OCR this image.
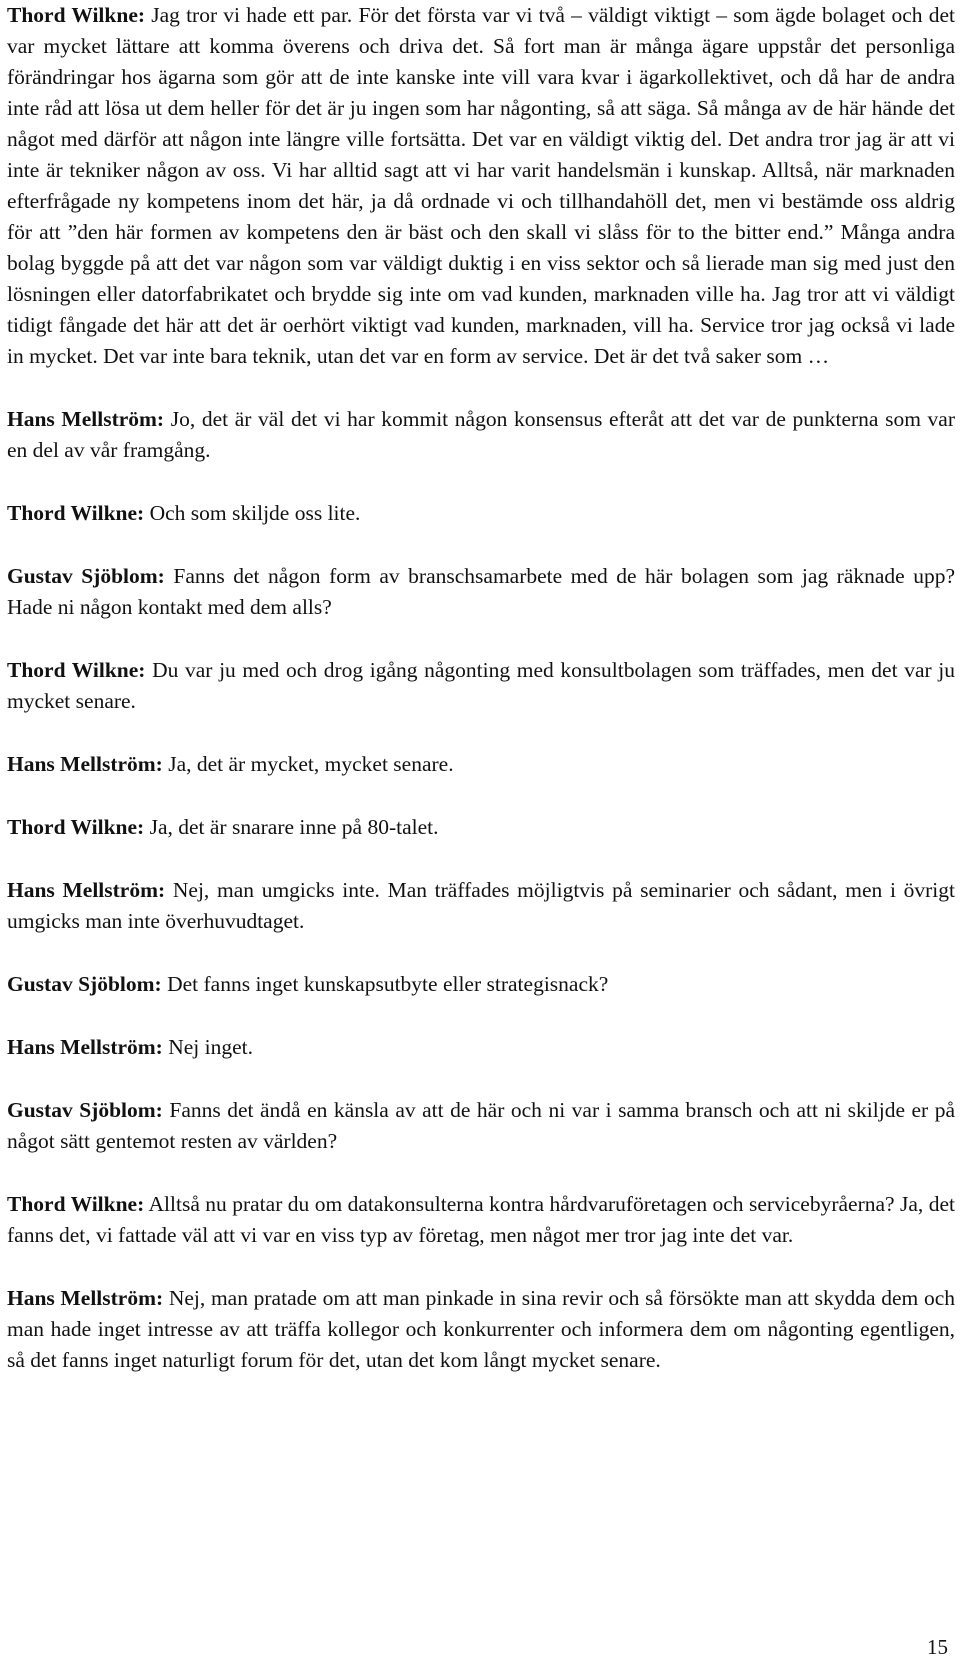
Thord Wilkne: Jag tror vi hade ett par. För det första var vi två – väldigt viktigt – som ägde bolaget och det var mycket lättare att komma överens och driva det. Så fort man är många ägare uppstår det personliga förändringar hos ägarna som gör att de inte kanske inte vill vara kvar i ägarkollektivet, och då har de andra inte råd att lösa ut dem heller för det är ju ingen som har någonting, så att säga. Så många av de här hände det något med därför att någon inte längre ville fortsätta. Det var en väldigt viktig del. Det andra tror jag är att vi inte är tekniker någon av oss. Vi har alltid sagt att vi har varit handelsmän i kunskap. Alltså, när marknaden efterfrågade ny kompetens inom det här, ja då ordnade vi och tillhandahöll det, men vi bestämde oss aldrig för att ”den här formen av kompetens den är bäst och den skall vi slåss för to the bitter end.” Många andra bolag byggde på att det var någon som var väldigt duktig i en viss sektor och så lierade man sig med just den lösningen eller datorfabrikatet och brydde sig inte om vad kunden, marknaden ville ha. Jag tror att vi väldigt tidigt fångade det här att det är oerhört viktigt vad kunden, marknaden, vill ha. Service tror jag också vi lade in mycket. Det var inte bara teknik, utan det var en form av service. Det är det två saker som …

Hans Mellström: Jo, det är väl det vi har kommit någon konsensus efteråt att det var de punkterna som var en del av vår framgång.

Thord Wilkne: Och som skiljde oss lite.

Gustav Sjöblom: Fanns det någon form av branschsamarbete med de här bolagen som jag räknade upp? Hade ni någon kontakt med dem alls?

Thord Wilkne: Du var ju med och drog igång någonting med konsultbolagen som träffades, men det var ju mycket senare.

Hans Mellström: Ja, det är mycket, mycket senare.

Thord Wilkne: Ja, det är snarare inne på 80-talet.

Hans Mellström: Nej, man umgicks inte. Man träffades möjligtvis på seminarier och sådant, men i övrigt umgicks man inte överhuvudtaget.

Gustav Sjöblom: Det fanns inget kunskapsutbyte eller strategisnack?

Hans Mellström: Nej inget.

Gustav Sjöblom: Fanns det ändå en känsla av att de här och ni var i samma bransch och att ni skiljde er på något sätt gentemot resten av världen?

Thord Wilkne: Alltså nu pratar du om datakonsulterna kontra hårdvaruföretagen och servicebyråerna? Ja, det fanns det, vi fattade väl att vi var en viss typ av företag, men något mer tror jag inte det var.

Hans Mellström: Nej, man pratade om att man pinkade in sina revir och så försökte man att skydda dem och man hade inget intresse av att träffa kollegor och konkurrenter och informera dem om någonting egentligen, så det fanns inget naturligt forum för det, utan det kom långt mycket senare.

15
